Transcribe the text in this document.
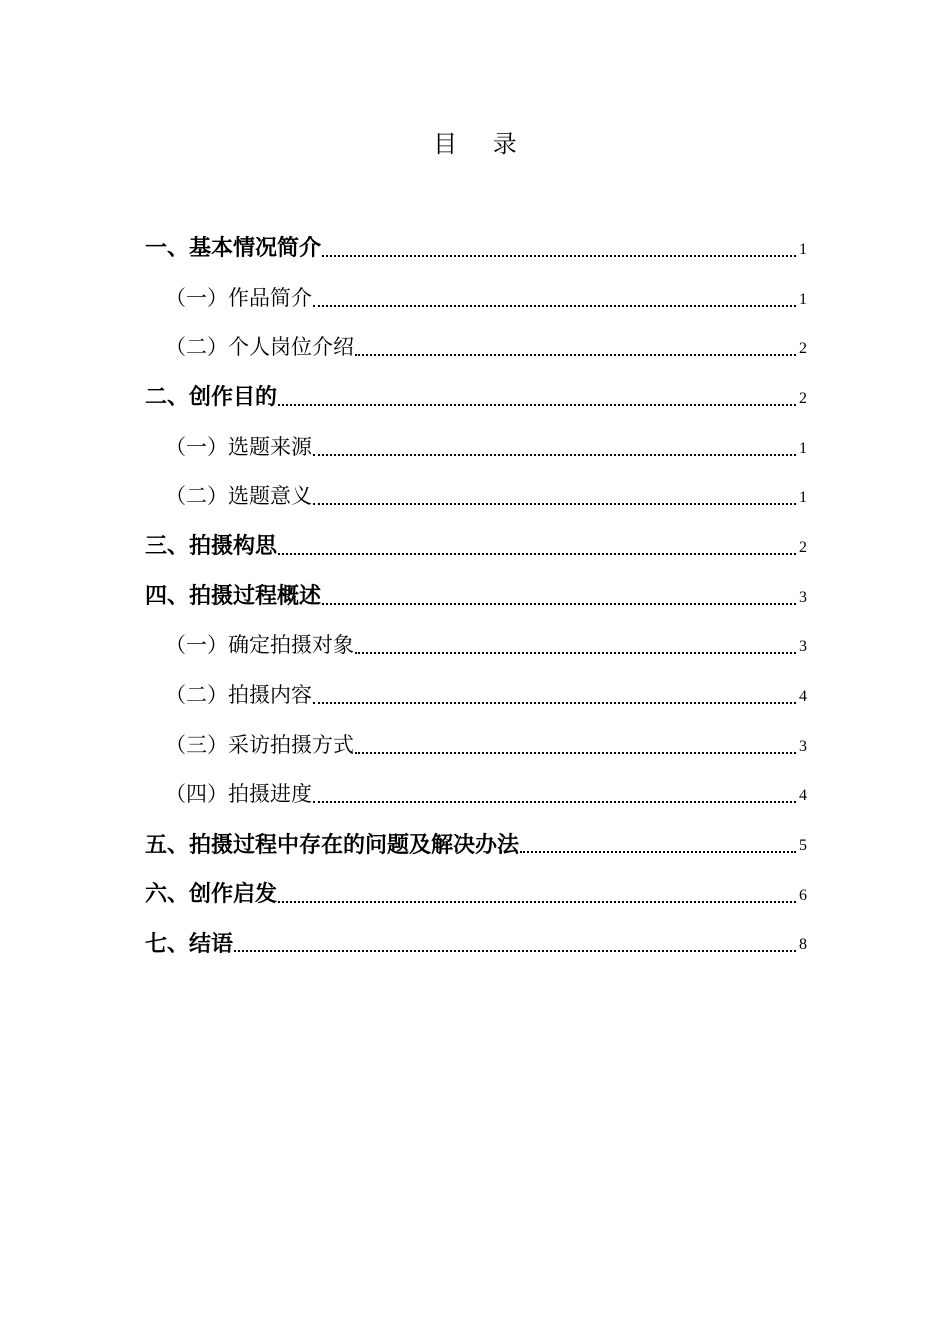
目 录
一、基本情况简介	1
（一）作品简介	1
（二）个人岗位介绍	2
二、创作目的	2
（一）选题来源	1
（二）选题意义	1
三、拍摄构思	2
四、拍摄过程概述	3
（一）确定拍摄对象	3
（二）拍摄内容	4
（三）采访拍摄方式	3
（四）拍摄进度	4
五、拍摄过程中存在的问题及解决办法	5
六、创作启发	6
七、结语	8
